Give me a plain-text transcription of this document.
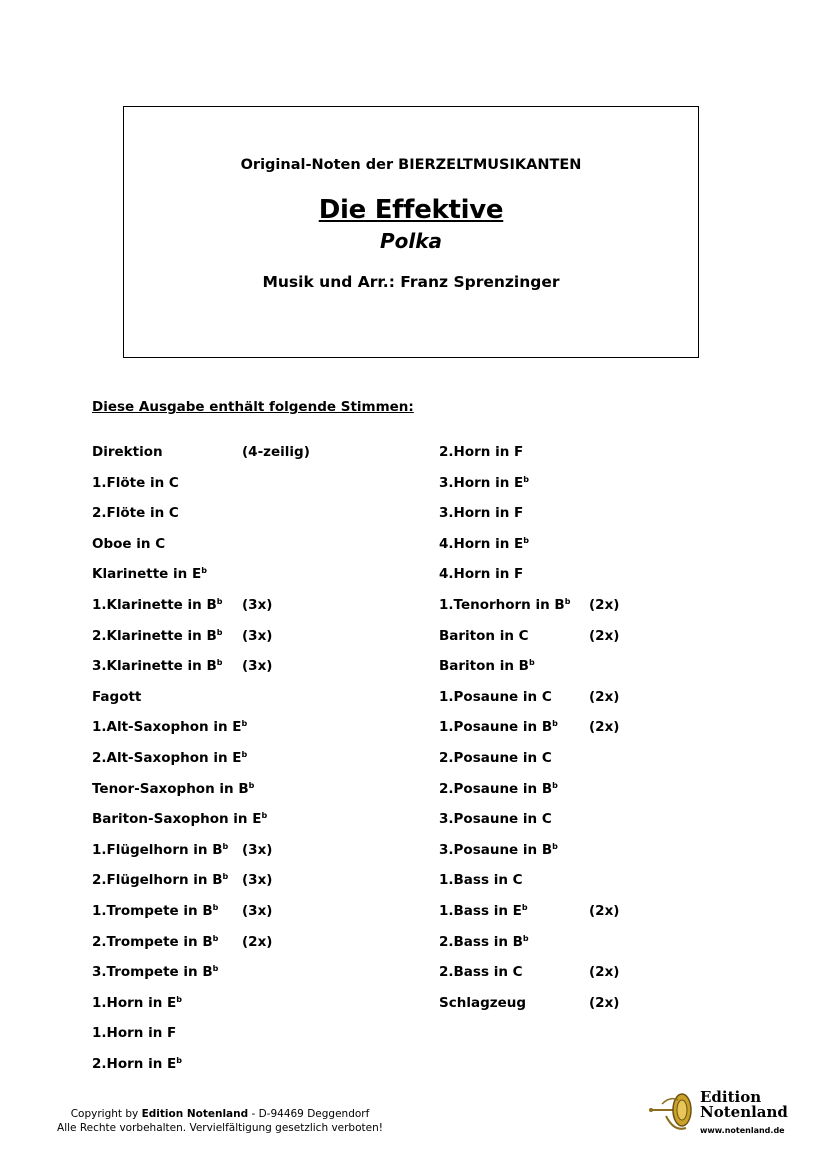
Original-Noten der BIERZELTMUSIKANTEN
Die Effektive
Polka
Musik und Arr.: Franz Sprenzinger
Diese Ausgabe enthält folgende Stimmen:
Direktion	(4-zeilig)
1.Flöte in C
2.Flöte in C
Oboe in C
Klarinette in $E^b$
1.Klarinette in $B^b$ (3x)
2.Klarinette in $B^b$ (3x)
3.Klarinette in $B^b$ (3x)
Fagott
1.Alt-Saxophon in $E^b$
2.Alt-Saxophon in $E^b$
Tenor-Saxophon in $B^b$
Bariton-Saxophon in $E^b$
1.Flügelhorn in $B^b$ (3x)
2.Flügelhorn in $B^b$ (3x)
1.Trompete in $B^b$ (3x)
2.Trompete in $B^b$ (2x)
3.Trompete in $B^b$
1.Horn in $E^b$
1.Horn in F
2.Horn in $E^b$
2.Horn in F
3.Horn in $E^b$
3.Horn in F
4.Horn in $E^b$
4.Horn in F
1.Tenorhorn in $B^b$ (2x)
Bariton in C	(2x)
Bariton in $B^b$
1.Posaune in C	(2x)
1.Posaune in $B^b$ (2x)
2.Posaune in C
2.Posaune in $B^b$
3.Posaune in C
3.Posaune in $B^b$
1.Bass in C
1.Bass in $E^b$	(2x)
2.Bass in $B^b$
2.Bass in C	(2x)
Schlagzeug	(2x)
Copyright by Edition Notenland - D-94469 Deggendorf
Alle Rechte vorbehalten. Vervielfältigung gesetzlich verboten!
Edition
Notenland
www.notenland.de
